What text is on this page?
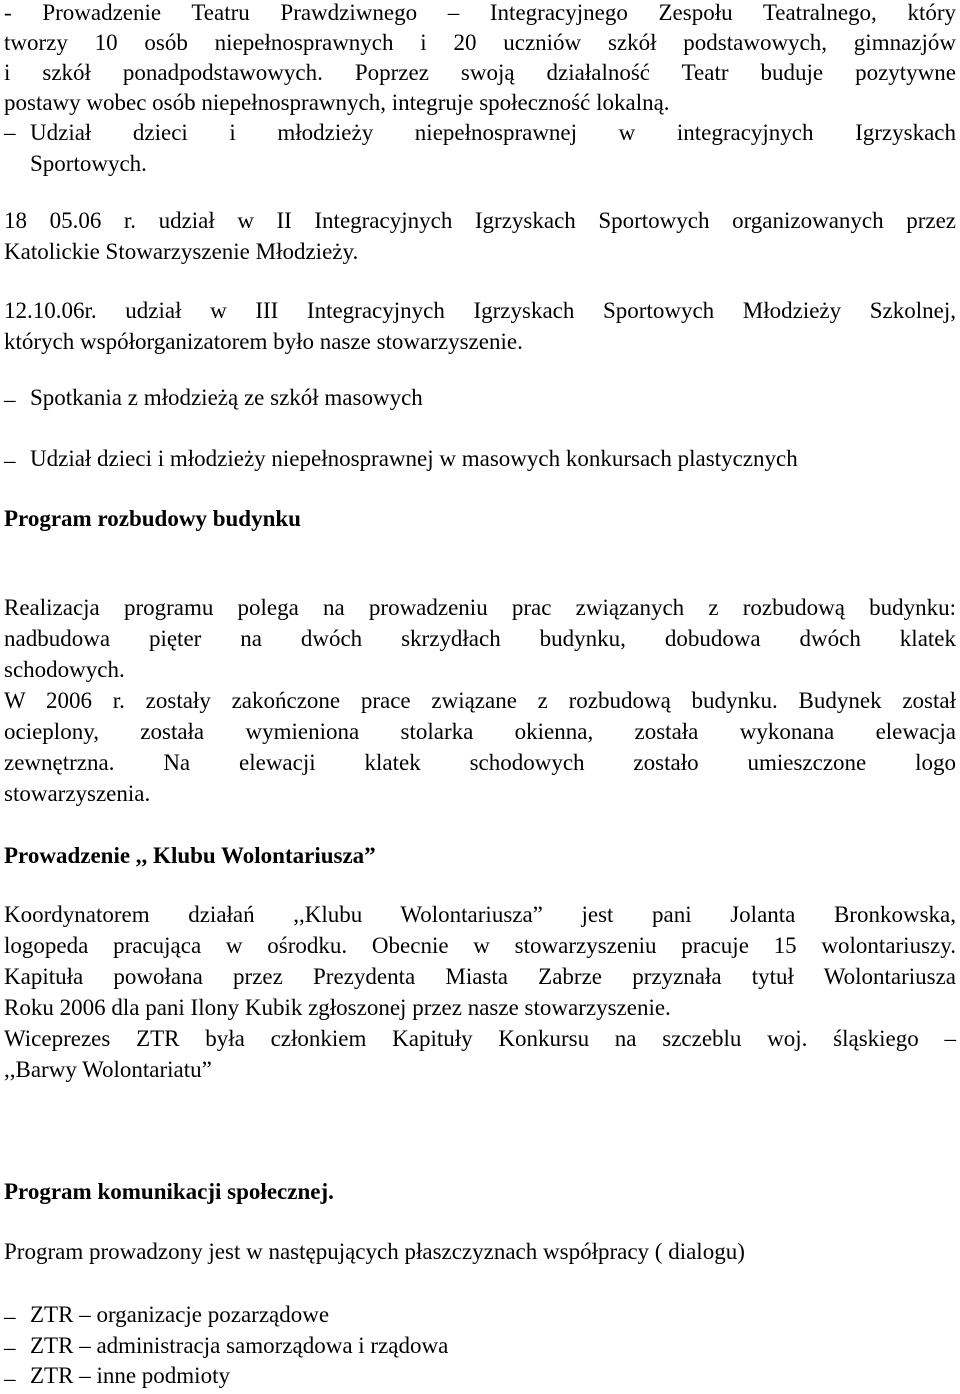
- Prowadzenie Teatru Prawdziwnego – Integracyjnego Zespołu Teatralnego, który
tworzy 10 osób niepełnosprawnych i 20 uczniów szkół podstawowych, gimnazjów
i szkół ponadpodstawowych. Poprzez swoją działalność Teatr buduje pozytywne
postawy wobec osób niepełnosprawnych, integruje społeczność lokalną.
– Udział dzieci i młodzieży niepełnosprawnej w integracyjnych Igrzyskach
Sportowych.
18 05.06 r. udział w II Integracyjnych Igrzyskach Sportowych organizowanych przez
Katolickie Stowarzyszenie Młodzieży.
12.10.06r. udział w III Integracyjnych Igrzyskach Sportowych Młodzieży Szkolnej,
których współorganizatorem było nasze stowarzyszenie.
– Spotkania z młodzieżą ze szkół masowych
– Udział dzieci i młodzieży niepełnosprawnej w masowych konkursach plastycznych
Program rozbudowy budynku
Realizacja programu polega na prowadzeniu prac związanych z rozbudową budynku:
nadbudowa pięter na dwóch skrzydłach budynku, dobudowa dwóch klatek
schodowych.
W 2006 r. zostały zakończone prace związane z rozbudową budynku. Budynek został
ocieplony, została wymieniona stolarka okienna, została wykonana elewacja
zewnętrzna. Na elewacji klatek schodowych zostało umieszczone logo
stowarzyszenia.
Prowadzenie ,, Klubu Wolontariusza”
Koordynatorem działań ,,Klubu Wolontariusza” jest pani Jolanta Bronkowska,
logopeda pracująca w ośrodku. Obecnie w stowarzyszeniu pracuje 15 wolontariuszy.
Kapituła powołana przez Prezydenta Miasta Zabrze przyznała tytuł Wolontariusza
Roku 2006 dla pani Ilony Kubik zgłoszonej przez nasze stowarzyszenie.
Wiceprezes ZTR była członkiem Kapituły Konkursu na szczeblu woj. śląskiego –
,,Barwy Wolontariatu”
Program komunikacji społecznej.
Program prowadzony jest w następujących płaszczyznach współpracy ( dialogu)
– ZTR – organizacje pozarządowe
– ZTR – administracja samorządowa i rządowa
– ZTR – inne podmioty
